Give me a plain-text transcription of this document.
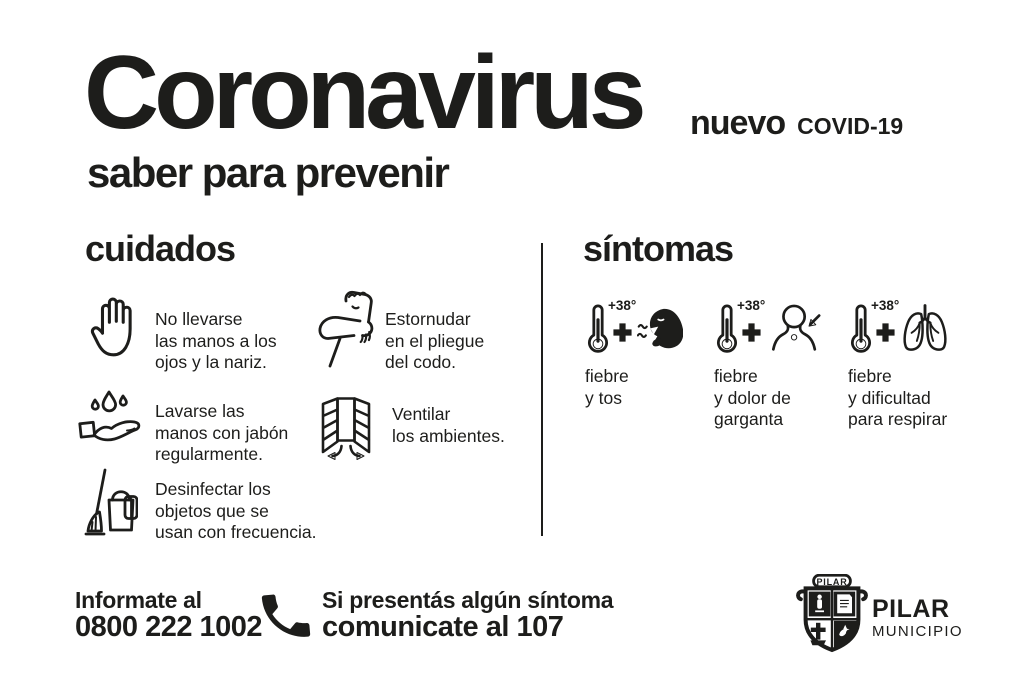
Coronavirus nuevo COVID-19
saber para prevenir
cuidados
No llevarse
las manos a los
ojos y la nariz.
Lavarse las
manos con jabón
regularmente.
Desinfectar los
objetos que se
usan con frecuencia.
Estornudar
en el pliegue
del codo.
Ventilar
los ambientes.
síntomas
+38°
fiebre
y tos
+38°
fiebre
y dolor de
garganta
+38°
fiebre
y dificultad
para respirar
Informate al
0800 222 1002
Si presentás algún síntoma
comunicate al 107
PILAR
PILAR
MUNICIPIO
